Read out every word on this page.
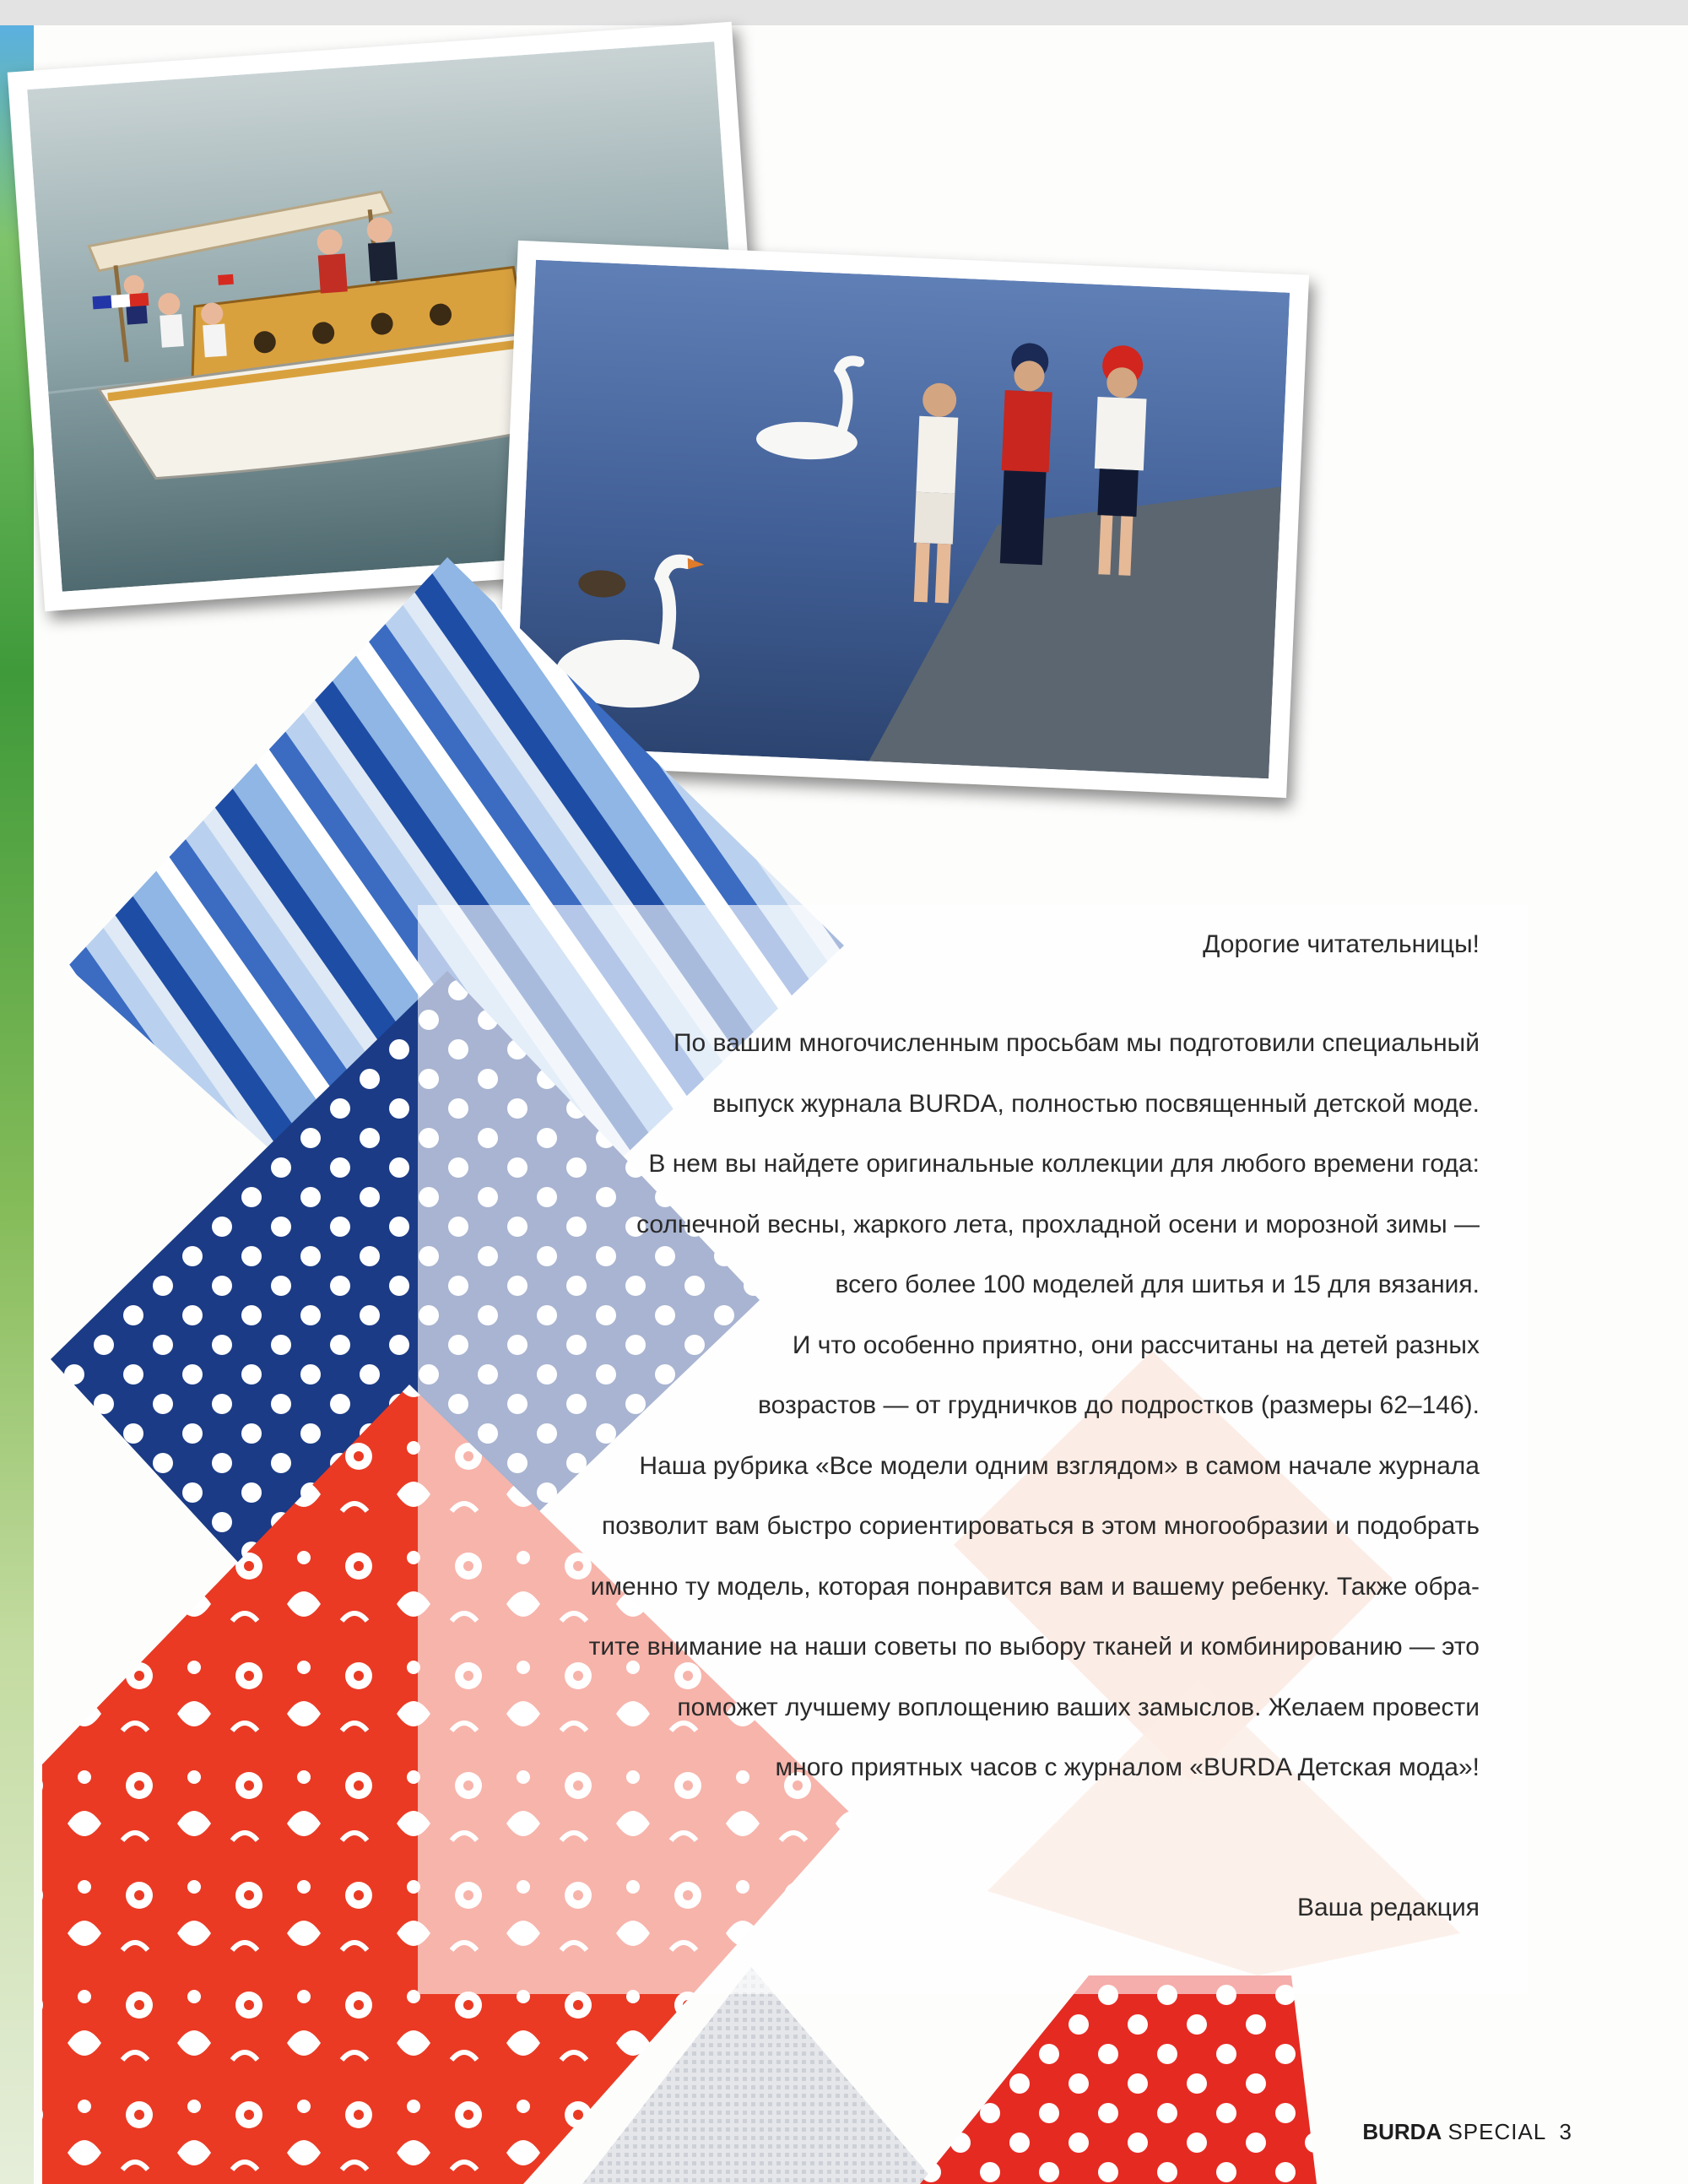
Дорогие читательницы!
По вашим многочисленным просьбам мы подготовили специальный
выпуск журнала BURDA, полностью посвященный детской моде.
В нем вы найдете оригинальные коллекции для любого времени года:
солнечной весны, жаркого лета, прохладной осени и морозной зимы —
всего более 100 моделей для шитья и 15 для вязания.
И что особенно приятно, они рассчитаны на детей разных
возрастов — от грудничков до подростков (размеры 62–146).
Наша рубрика «Все модели одним взглядом» в самом начале журнала
позволит вам быстро сориентироваться в этом многообразии и подобрать
именно ту модель, которая понравится вам и вашему ребенку. Также обра-
тите внимание на наши советы по выбору тканей и комбинированию — это
поможет лучшему воплощению ваших замыслов. Желаем провести
много приятных часов с журналом «BURDA Детская мода»!
Ваша редакция
BURDA SPECIAL 3
